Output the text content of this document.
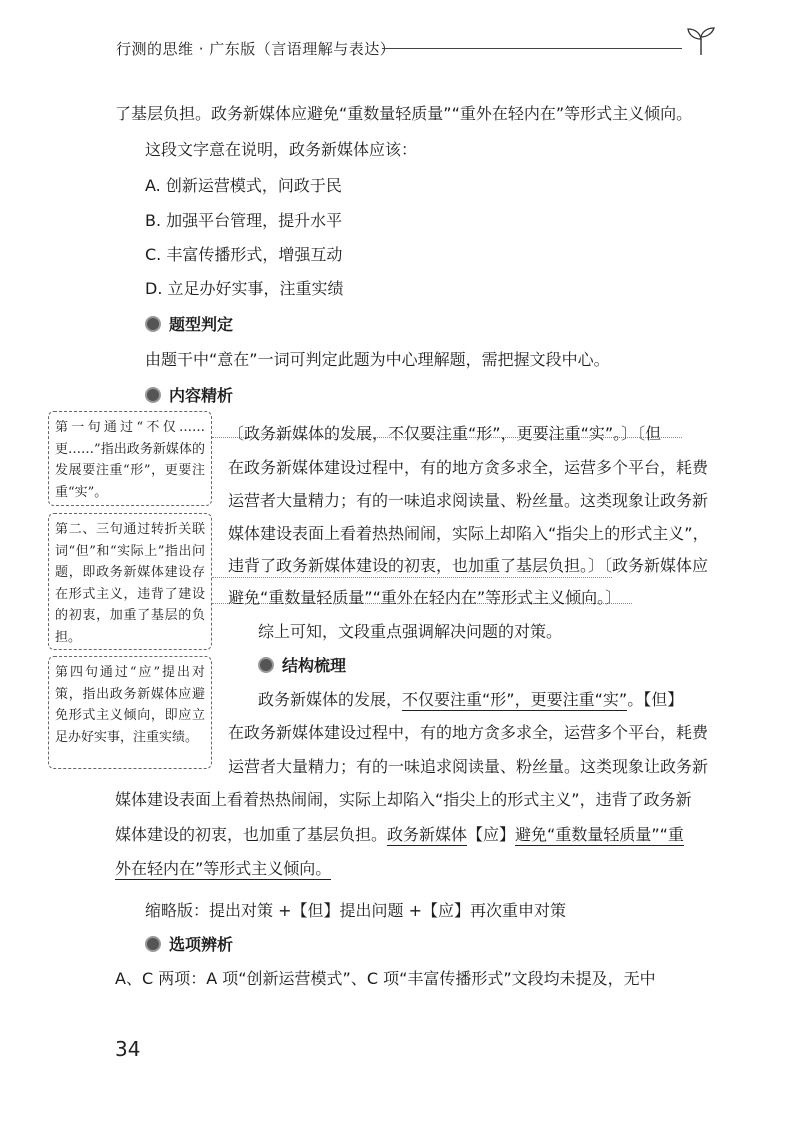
行测的思维 · 广东版（言语理解与表达）
了基层负担。政务新媒体应避免“重数量轻质量”“重外在轻内在”等形式主义倾向。
这段文字意在说明，政务新媒体应该：
A. 创新运营模式，问政于民
B. 加强平台管理，提升水平
C. 丰富传播形式，增强互动
D. 立足办好实事，注重实绩
题型判定
由题干中“意在”一词可判定此题为中心理解题，需把握文段中心。
内容精析
第一句通过“不仅……更……”指出政务新媒体的发展要注重“形”，更要注重“实”。
第二、三句通过转折关联词“但”和“实际上”指出问题，即政务新媒体建设存在形式主义，违背了建设的初衷，加重了基层的负担。
第四句通过“应”提出对策，指出政务新媒体应避免形式主义倾向，即应立足办好实事，注重实绩。
〔政务新媒体的发展，不仅要注重“形”，更要注重“实”。〕〔但
在政务新媒体建设过程中，有的地方贪多求全，运营多个平台，耗费
运营者大量精力；有的一味追求阅读量、粉丝量。这类现象让政务新
媒体建设表面上看着热热闹闹，实际上却陷入“指尖上的形式主义”，
违背了政务新媒体建设的初衷，也加重了基层负担。〕〔政务新媒体应
避免“重数量轻质量”“重外在轻内在”等形式主义倾向。〕
综上可知，文段重点强调解决问题的对策。
结构梳理
政务新媒体的发展，不仅要注重“形”，更要注重“实”。【但】
在政务新媒体建设过程中，有的地方贪多求全，运营多个平台，耗费
运营者大量精力；有的一味追求阅读量、粉丝量。这类现象让政务新
媒体建设表面上看着热热闹闹，实际上却陷入“指尖上的形式主义”，违背了政务新
媒体建设的初衷，也加重了基层负担。政务新媒体【应】避免“重数量轻质量”“重
外在轻内在”等形式主义倾向。
缩略版：提出对策 +【但】提出问题 +【应】再次重申对策
选项辨析
A、C 两项：A 项“创新运营模式”、C 项“丰富传播形式”文段均未提及，无中
34
